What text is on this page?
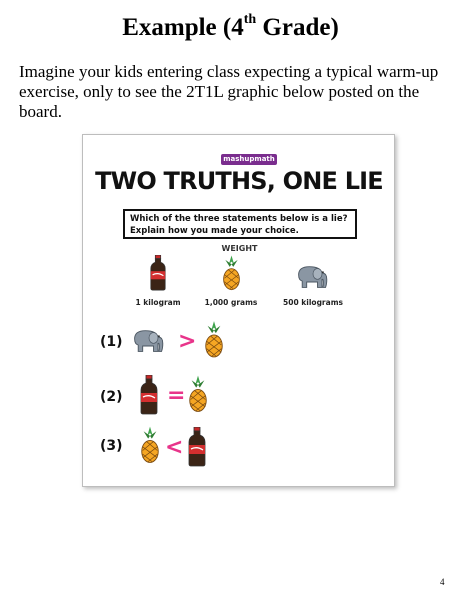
Example (4th Grade)

Imagine your kids entering class expecting a typical warm-up exercise, only to see the 2T1L graphic below posted on the board.

mashupmath
TWO TRUTHS, ONE LIE
Which of the three statements below is a lie?
Explain how you made your choice.
WEIGHT
1 kilogram	1,000 grams	500 kilograms
(1)	>
(2) =
(3) <
4
